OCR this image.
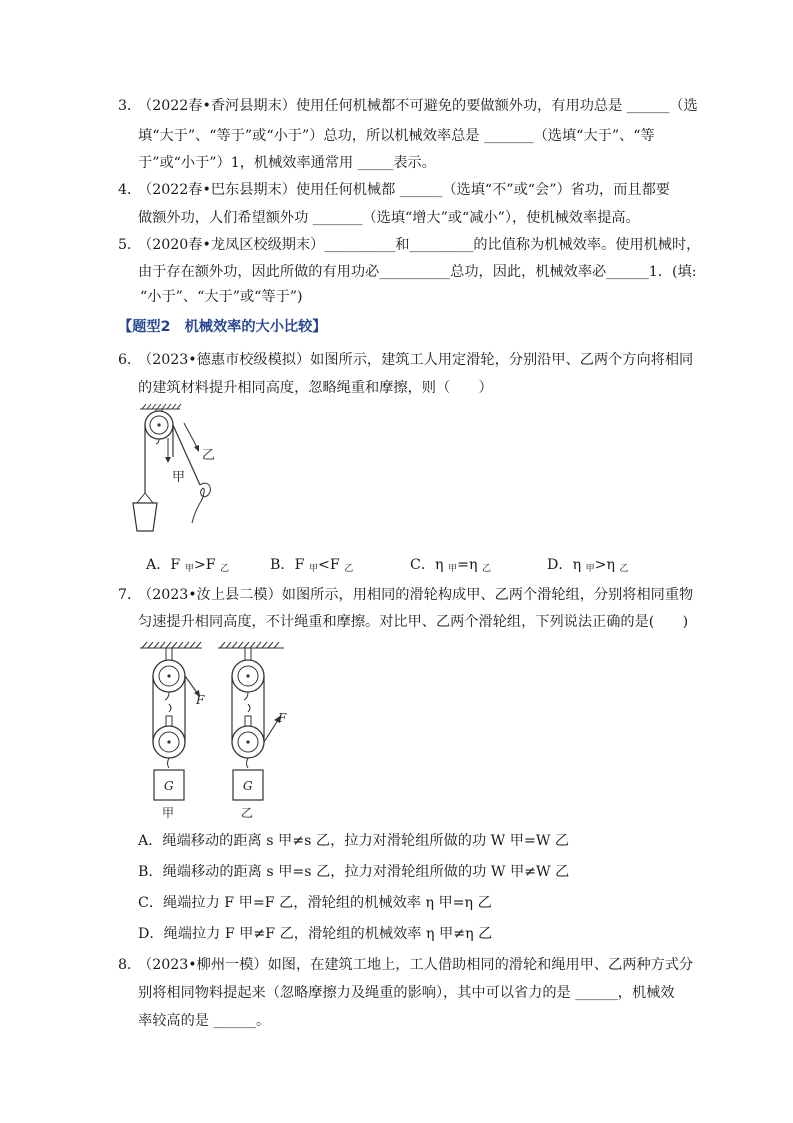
3．
（2022春•香河县期末）使用任何机械都不可避免的要做额外功，有用功总是 ______（选
填“大于”、“等于”或“小于”）总功，所以机械效率总是 _______（选填“大于”、“等
于”或“小于”）1，机械效率通常用 _____表示。
4．
（2022春•巴东县期末）使用任何机械都 ______（选填“不”或“会”）省功，而且都要
做额外功，人们希望额外功 _______（选填“增大”或“减小”），使机械效率提高。
5．
（2020春•龙凤区校级期末）__________和_________的比值称为机械效率。使用机械时，
由于存在额外功，因此所做的有用功必__________总功，因此，机械效率必______1．(填:
“小于”、“大于”或“等于”)
【题型2　机械效率的大小比较】
6．
（2023•德惠市校级模拟）如图所示，建筑工人用定滑轮，分别沿甲、乙两个方向将相同
的建筑材料提升相同高度，忽略绳重和摩擦，则（　　）
甲
乙
A．F $_甲$>F $_乙$	B．F $_甲$<F $_乙$	C．η $_甲$=η $_乙$	D．η $_甲$>η $_乙$
7．
（2023•汝上县二模）如图所示，用相同的滑轮构成甲、乙两个滑轮组，分别将相同重物
匀速提升相同高度，不计绳重和摩擦。对比甲、乙两个滑轮组，下列说法正确的是(　　)
F
G
甲
F
G
乙
A．绳端移动的距离 s 甲≠s 乙，拉力对滑轮组所做的功 W 甲=W 乙
B．绳端移动的距离 s 甲=s 乙，拉力对滑轮组所做的功 W 甲≠W 乙
C．绳端拉力 F 甲=F 乙，滑轮组的机械效率 η 甲=η 乙
D．绳端拉力 F 甲≠F 乙，滑轮组的机械效率 η 甲≠η 乙
8．
（2023•柳州一模）如图，在建筑工地上，工人借助相同的滑轮和绳用甲、乙两种方式分
别将相同物料提起来（忽略摩擦力及绳重的影响），其中可以省力的是 ______，机械效
率较高的是 ______。
